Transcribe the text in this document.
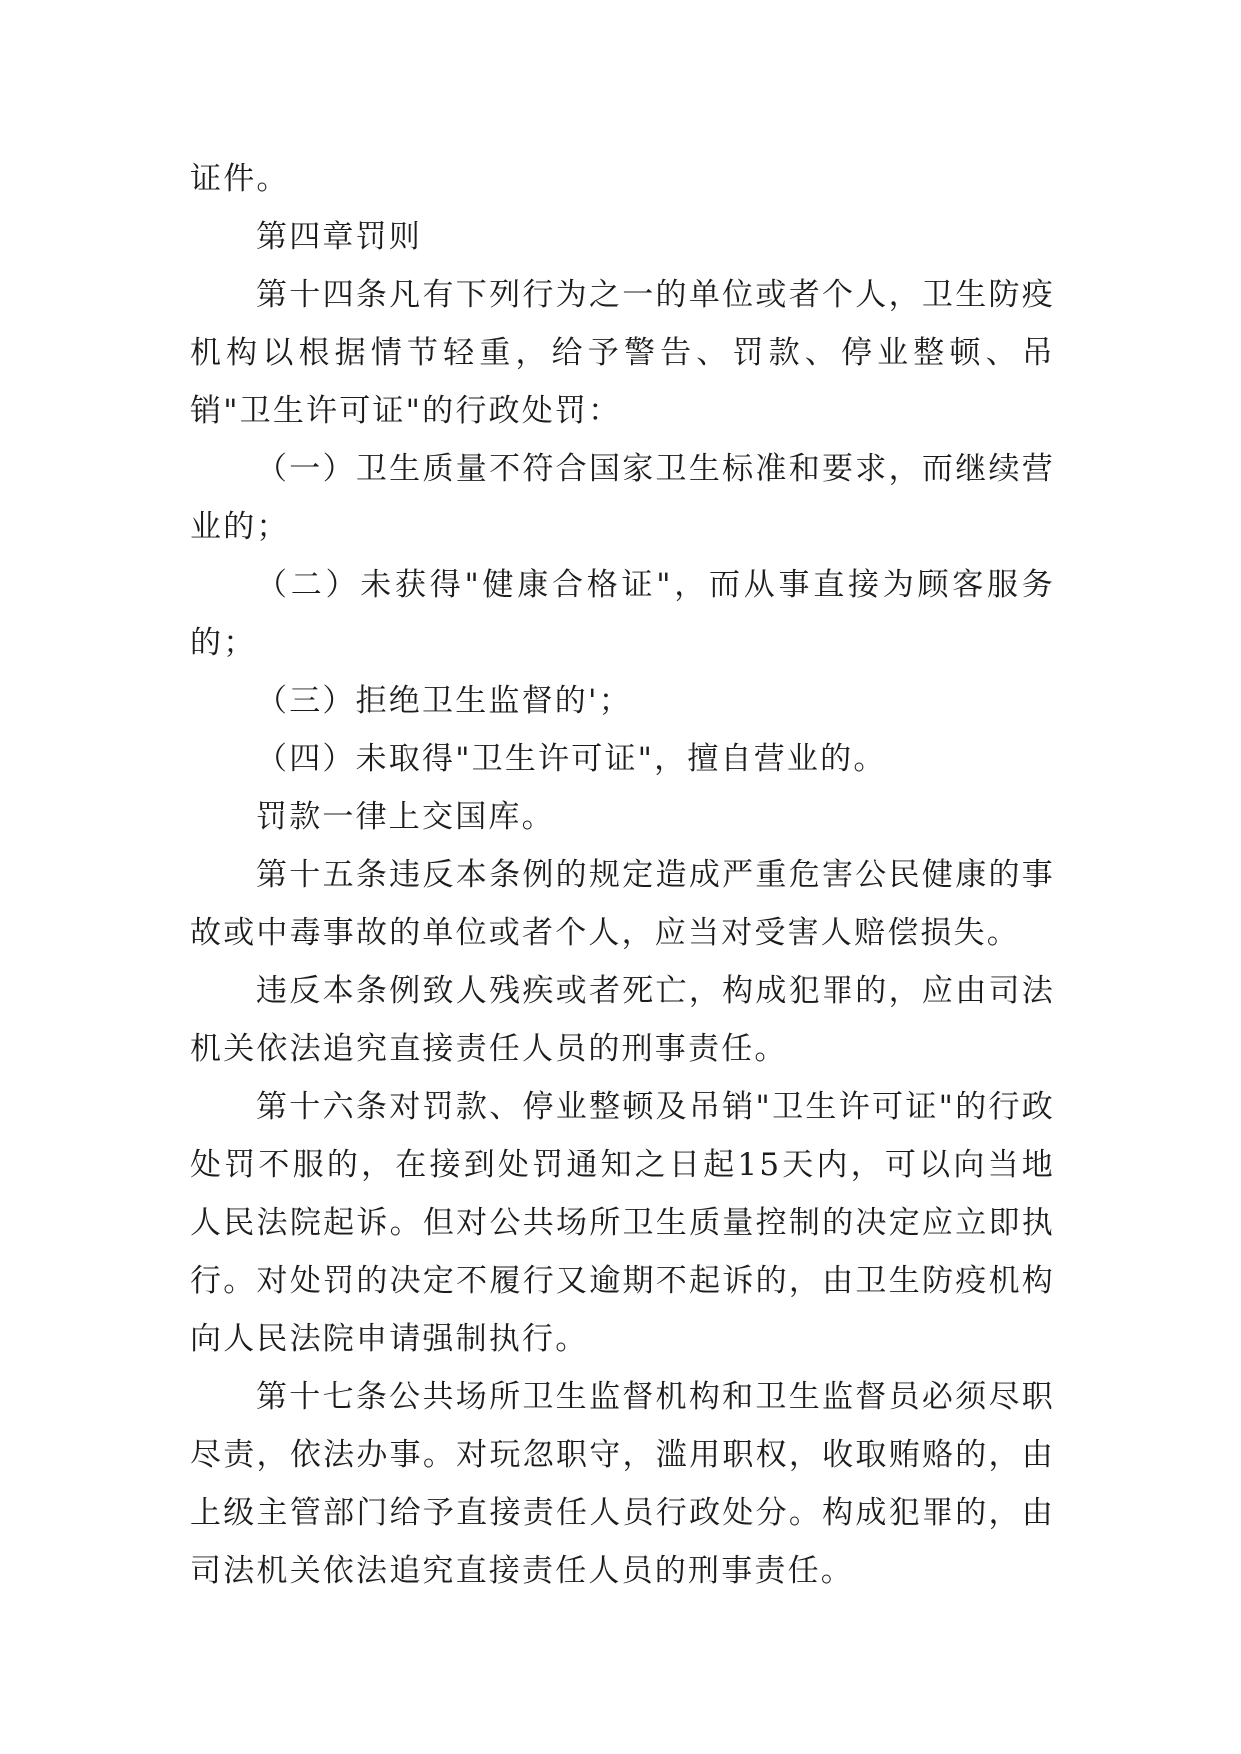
证件。

第四章罚则

第十四条凡有下列行为之一的单位或者个人，卫生防疫机构以根据情节轻重，给予警告、罚款、停业整顿、吊销"卫生许可证"的行政处罚：

（一）卫生质量不符合国家卫生标准和要求，而继续营业的；

（二）未获得"健康合格证"，而从事直接为顾客服务的；

（三）拒绝卫生监督的'；

（四）未取得"卫生许可证"，擅自营业的。

罚款一律上交国库。

第十五条违反本条例的规定造成严重危害公民健康的事故或中毒事故的单位或者个人，应当对受害人赔偿损失。

违反本条例致人残疾或者死亡，构成犯罪的，应由司法机关依法追究直接责任人员的刑事责任。

第十六条对罚款、停业整顿及吊销"卫生许可证"的行政处罚不服的，在接到处罚通知之日起15天内，可以向当地人民法院起诉。但对公共场所卫生质量控制的决定应立即执行。对处罚的决定不履行又逾期不起诉的，由卫生防疫机构向人民法院申请强制执行。

第十七条公共场所卫生监督机构和卫生监督员必须尽职尽责，依法办事。对玩忽职守，滥用职权，收取贿赂的，由上级主管部门给予直接责任人员行政处分。构成犯罪的，由司法机关依法追究直接责任人员的刑事责任。
